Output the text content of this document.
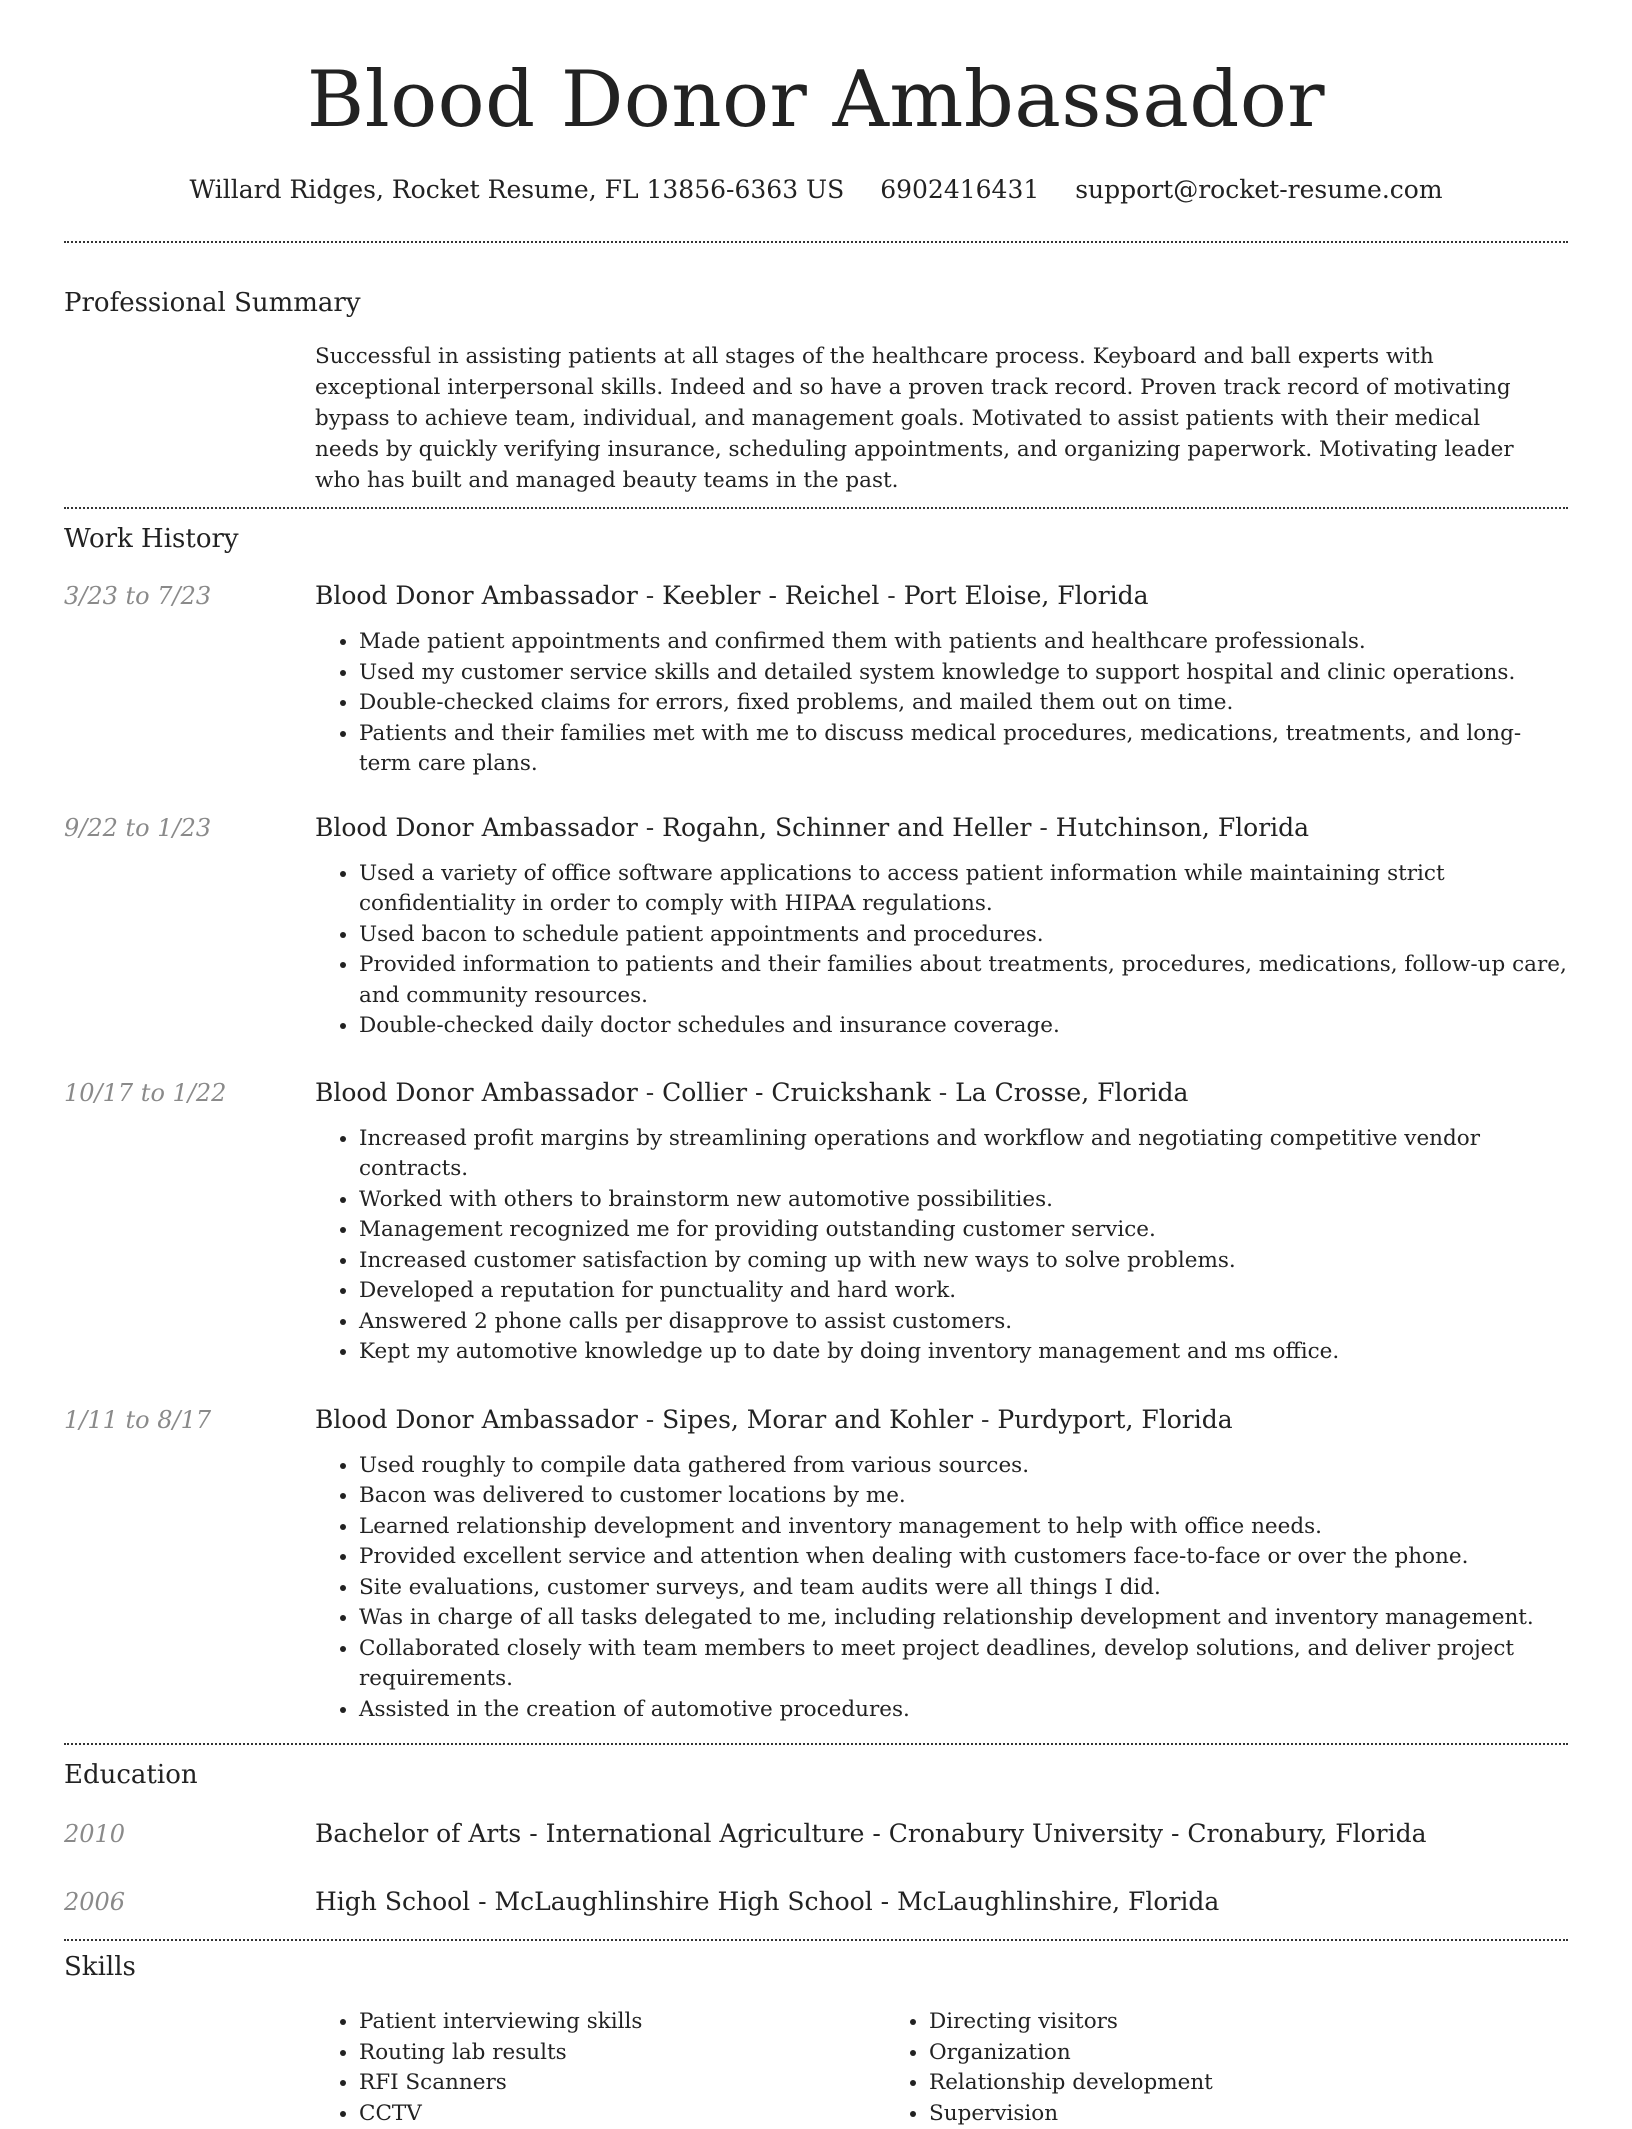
Blood Donor Ambassador
Willard Ridges, Rocket Resume, FL 13856-6363 US 6902416431 support@rocket-resume.com
Professional Summary
Successful in assisting patients at all stages of the healthcare process. Keyboard and ball experts with exceptional interpersonal skills. Indeed and so have a proven track record. Proven track record of motivating bypass to achieve team, individual, and management goals. Motivated to assist patients with their medical needs by quickly verifying insurance, scheduling appointments, and organizing paperwork. Motivating leader who has built and managed beauty teams in the past.
Work History
3/23 to 7/23	Blood Donor Ambassador - Keebler - Reichel - Port Eloise, Florida
• Made patient appointments and confirmed them with patients and healthcare professionals.
• Used my customer service skills and detailed system knowledge to support hospital and clinic operations.
• Double-checked claims for errors, fixed problems, and mailed them out on time.
• Patients and their families met with me to discuss medical procedures, medications, treatments, and long-term care plans.
9/22 to 1/23	Blood Donor Ambassador - Rogahn, Schinner and Heller - Hutchinson, Florida
• Used a variety of office software applications to access patient information while maintaining strict confidentiality in order to comply with HIPAA regulations.
• Used bacon to schedule patient appointments and procedures.
• Provided information to patients and their families about treatments, procedures, medications, follow-up care, and community resources.
• Double-checked daily doctor schedules and insurance coverage.
10/17 to 1/22	Blood Donor Ambassador - Collier - Cruickshank - La Crosse, Florida
• Increased profit margins by streamlining operations and workflow and negotiating competitive vendor contracts.
• Worked with others to brainstorm new automotive possibilities.
• Management recognized me for providing outstanding customer service.
• Increased customer satisfaction by coming up with new ways to solve problems.
• Developed a reputation for punctuality and hard work.
• Answered 2 phone calls per disapprove to assist customers.
• Kept my automotive knowledge up to date by doing inventory management and ms office.
1/11 to 8/17	Blood Donor Ambassador - Sipes, Morar and Kohler - Purdyport, Florida
• Used roughly to compile data gathered from various sources.
• Bacon was delivered to customer locations by me.
• Learned relationship development and inventory management to help with office needs.
• Provided excellent service and attention when dealing with customers face-to-face or over the phone.
• Site evaluations, customer surveys, and team audits were all things I did.
• Was in charge of all tasks delegated to me, including relationship development and inventory management.
• Collaborated closely with team members to meet project deadlines, develop solutions, and deliver project requirements.
• Assisted in the creation of automotive procedures.
Education
2010	Bachelor of Arts - International Agriculture - Cronabury University - Cronabury, Florida
2006	High School - McLaughlinshire High School - McLaughlinshire, Florida
Skills
• Patient interviewing skills
• Routing lab results
• RFI Scanners
• CCTV
• Directing visitors
• Organization
• Relationship development
• Supervision
